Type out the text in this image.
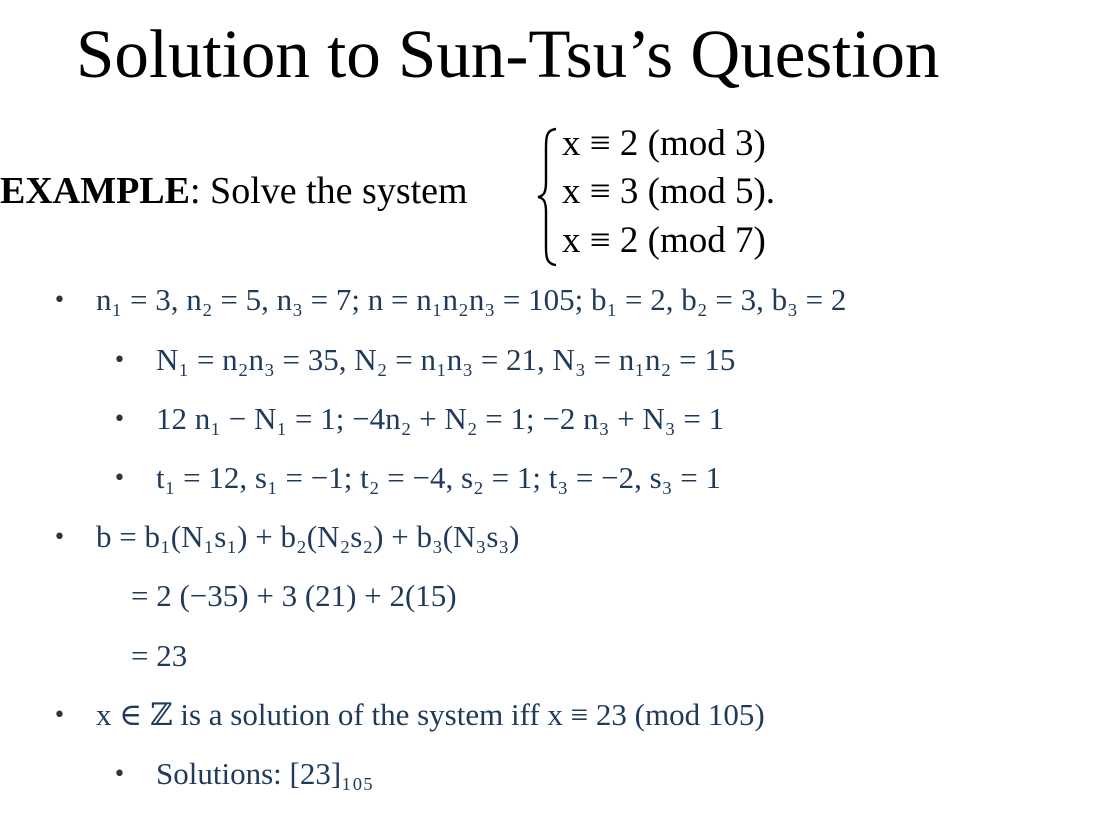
Solution to Sun-Tsu’s Question
EXAMPLE: Solve the system
x ≡ 2 (mod 3)
x ≡ 3 (mod 5).
x ≡ 2 (mod 7)
•
•
•
•
•
•
•
n₁ = 3, n₂ = 5, n₃ = 7; n = n₁n₂n₃ = 105; b₁ = 2, b₂ = 3, b₃ = 2
N₁ = n₂n₃ = 35, N₂ = n₁n₃ = 21, N₃ = n₁n₂ = 15
12 n₁ − N₁ = 1; −4n₂ + N₂ = 1; −2 n₃ + N₃ = 1
t₁ = 12, s₁ = −1; t₂ = −4, s₂ = 1; t₃ = −2, s₃ = 1
b = b₁(N₁s₁) + b₂(N₂s₂) + b₃(N₃s₃)
= 2 (−35) + 3 (21) + 2(15)
= 23
x ∈ ℤ is a solution of the system iff x ≡ 23 (mod 105)
Solutions: [23]₁₀₅
